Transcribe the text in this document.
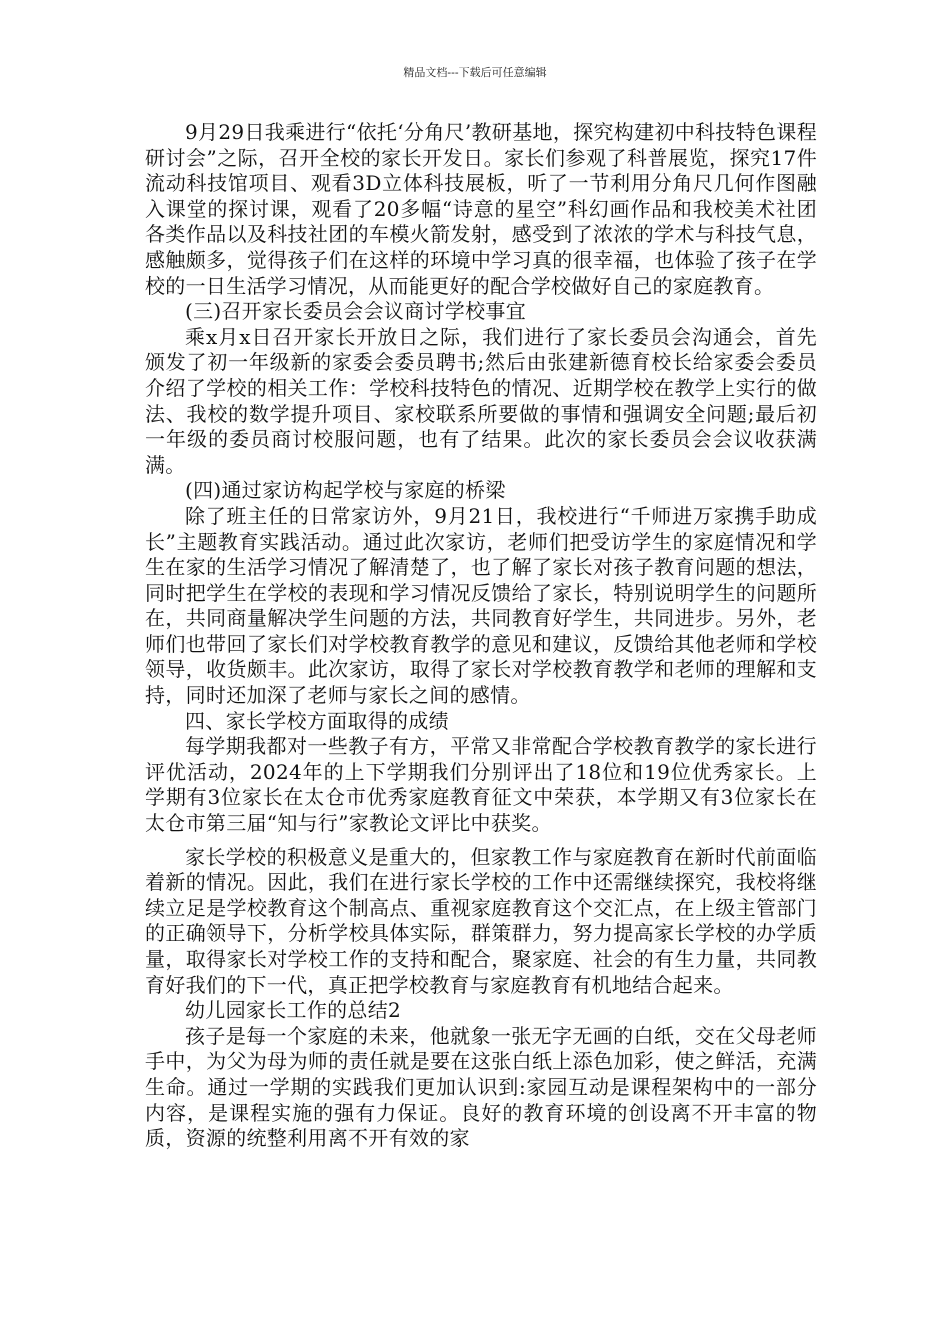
精品文档---下载后可任意编辑

9月29日我乘进行“依托‘分角尺’教研基地，探究构建初中科技特色课程研讨会”之际，召开全校的家长开发日。家长们参观了科普展览，探究17件流动科技馆项目、观看3D立体科技展板，听了一节利用分角尺几何作图融入课堂的探讨课，观看了20多幅“诗意的星空”科幻画作品和我校美术社团各类作品以及科技社团的车模火箭发射，感受到了浓浓的学术与科技气息，感触颇多，觉得孩子们在这样的环境中学习真的很幸福，也体验了孩子在学校的一日生活学习情况，从而能更好的配合学校做好自己的家庭教育。

(三)召开家长委员会会议商讨学校事宜

乘x月x日召开家长开放日之际，我们进行了家长委员会沟通会，首先颁发了初一年级新的家委会委员聘书;然后由张建新德育校长给家委会委员介绍了学校的相关工作：学校科技特色的情况、近期学校在教学上实行的做法、我校的数学提升项目、家校联系所要做的事情和强调安全问题;最后初一年级的委员商讨校服问题，也有了结果。此次的家长委员会会议收获满满。

(四)通过家访构起学校与家庭的桥梁

除了班主任的日常家访外，9月21日，我校进行“千师进万家携手助成长”主题教育实践活动。通过此次家访，老师们把受访学生的家庭情况和学生在家的生活学习情况了解清楚了，也了解了家长对孩子教育问题的想法，同时把学生在学校的表现和学习情况反馈给了家长，特别说明学生的问题所在，共同商量解决学生问题的方法，共同教育好学生，共同进步。另外，老师们也带回了家长们对学校教育教学的意见和建议，反馈给其他老师和学校领导，收货颇丰。此次家访，取得了家长对学校教育教学和老师的理解和支持，同时还加深了老师与家长之间的感情。

四、家长学校方面取得的成绩

每学期我都对一些教子有方，平常又非常配合学校教育教学的家长进行评优活动，2024年的上下学期我们分别评出了18位和19位优秀家长。上学期有3位家长在太仓市优秀家庭教育征文中荣获，本学期又有3位家长在太仓市第三届“知与行”家教论文评比中获奖。

家长学校的积极意义是重大的，但家教工作与家庭教育在新时代前面临着新的情况。因此，我们在进行家长学校的工作中还需继续探究，我校将继续立足是学校教育这个制高点、重视家庭教育这个交汇点，在上级主管部门的正确领导下，分析学校具体实际，群策群力，努力提高家长学校的办学质量，取得家长对学校工作的支持和配合，聚家庭、社会的有生力量，共同教育好我们的下一代，真正把学校教育与家庭教育有机地结合起来。

幼儿园家长工作的总结2

孩子是每一个家庭的未来，他就象一张无字无画的白纸，交在父母老师手中，为父为母为师的责任就是要在这张白纸上添色加彩，使之鲜活，充满生命。通过一学期的实践我们更加认识到:家园互动是课程架构中的一部分内容，是课程实施的强有力保证。良好的教育环境的创设离不开丰富的物质，资源的统整利用离不开有效的家
